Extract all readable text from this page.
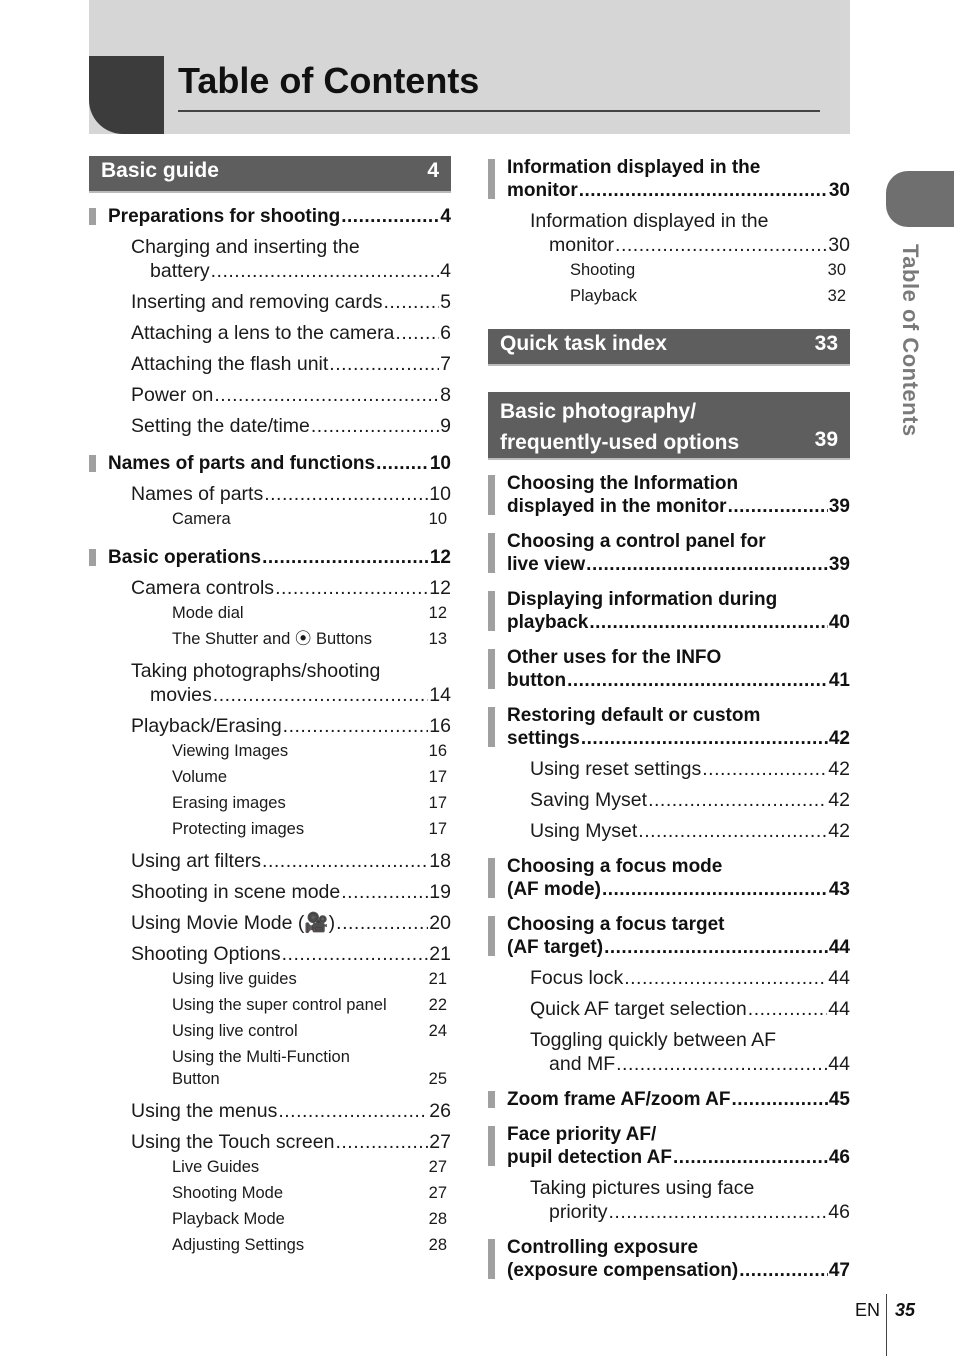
Table of Contents
Table of Contents
Basic guide	4
Preparations for shooting .....	4
Charging and inserting the
battery .....	4
Inserting and removing cards .....	5
Attaching a lens to the camera ..... 6
Attaching the flash unit .....	7
Power on .....	8
Setting the date/time .....	9
Names of parts and functions .....	10
Names of parts .....	10
Camera	10
Basic operations .....	12
Camera controls .....	12
Mode dial	12
The Shutter and ⦿ Buttons	13
Taking photographs/shooting
movies .....	14
Playback/Erasing .....	16
Viewing Images	16
Volume	17
Erasing images	17
Protecting images	17
Using art filters .....	18
Shooting in scene mode .....	19
Using Movie Mode (🎥) .....	20
Shooting Options .....	21
Using live guides	21
Using the super control panel	22
Using live control	24
Using the Multi-Function
Button	25
Using the menus .....	26
Using the Touch screen .....	27
Live Guides	27
Shooting Mode	27
Playback Mode	28
Adjusting Settings	28
Information displayed in the
monitor .....	30
Information displayed in the
monitor .....	30
Shooting	30
Playback	32
Quick task index	33
Basic photography/
frequently-used options	39
Choosing the Information
displayed in the monitor .....	39
Choosing a control panel for
live view .....	39
Displaying information during
playback .....	40
Other uses for the INFO
button .....	41
Restoring default or custom
settings .....	42
Using reset settings .....	42
Saving Myset .....	42
Using Myset .....	42
Choosing a focus mode
(AF mode) .....	43
Choosing a focus target
(AF target) .....	44
Focus lock .....	44
Quick AF target selection .....	44
Toggling quickly between AF
and MF .....	44
Zoom frame AF/zoom AF .....	45
Face priority AF/
pupil detection AF .....	46
Taking pictures using face
priority .....	46
Controlling exposure
(exposure compensation) .....	47
EN 35
